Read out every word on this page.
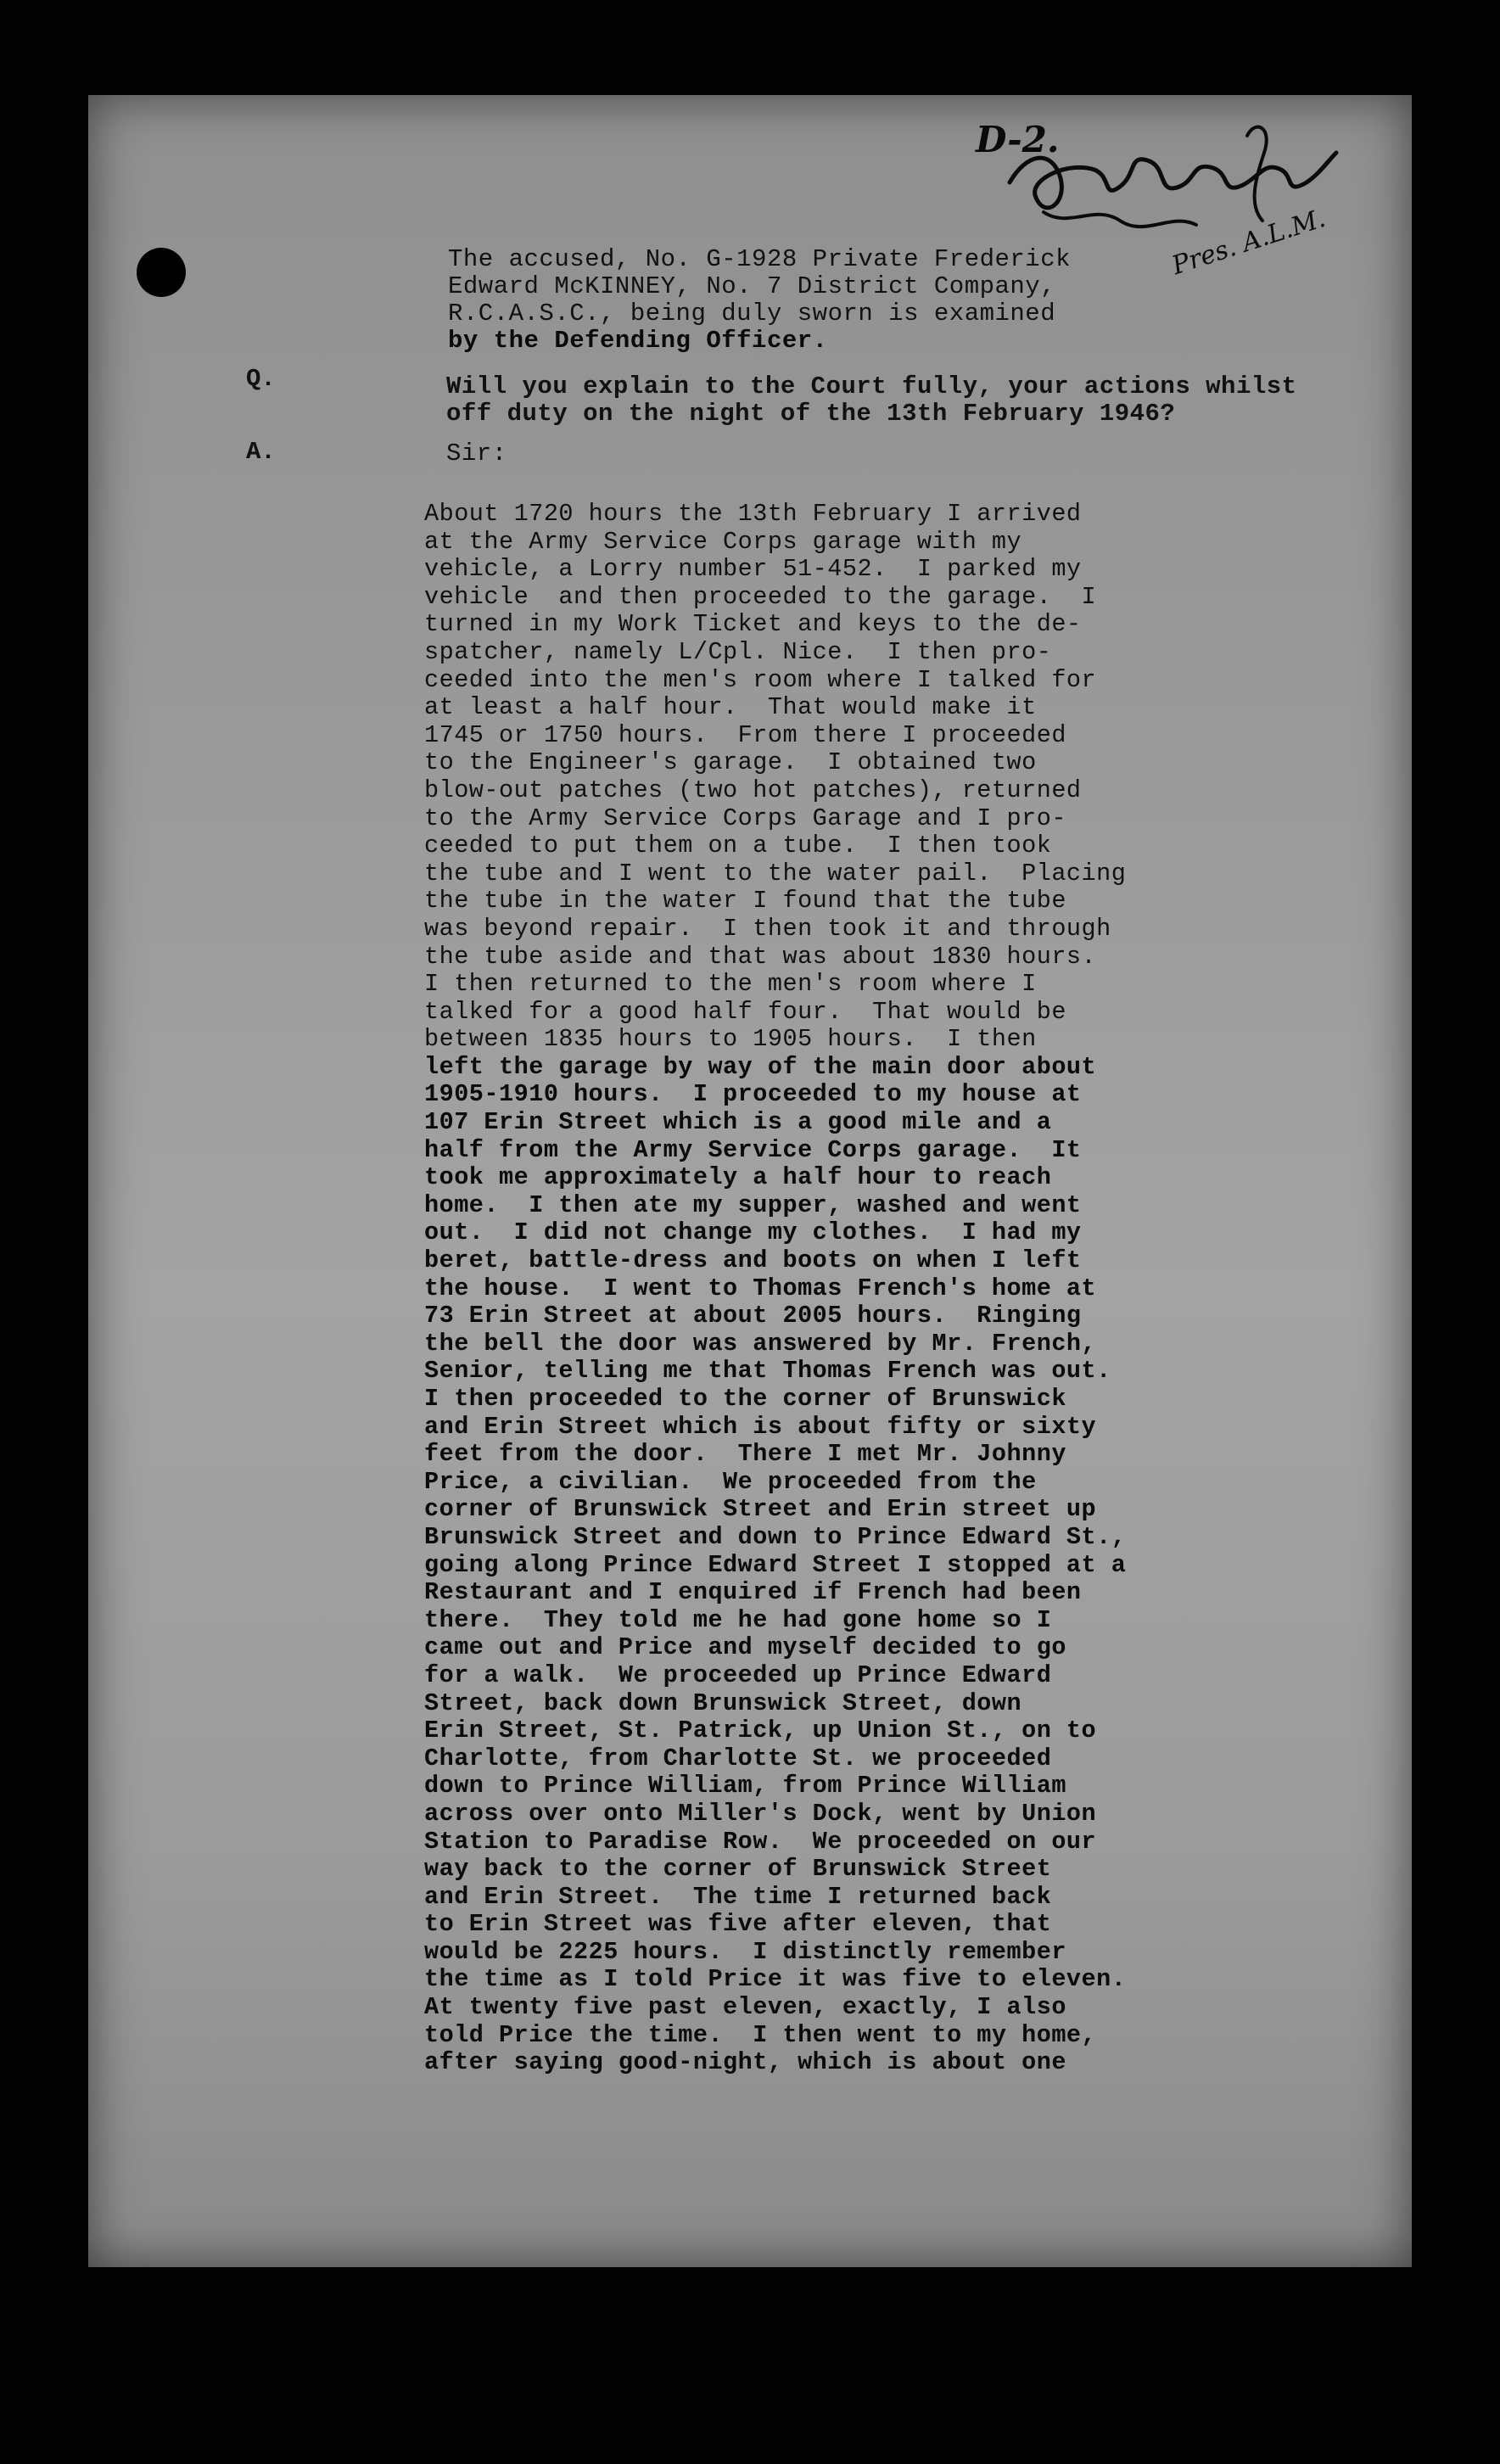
D-2.
Pres. A.L.M.
The accused, No. G-1928 Private Frederick
Edward McKINNEY, No. 7 District Company,
R.C.A.S.C., being duly sworn is examined
by the Defending Officer.
Q.	Will you explain to the Court fully, your actions whilst
off duty on the night of the 13th February 1946?
A.	Sir:
About 1720 hours the 13th February I arrived
at the Army Service Corps garage with my
vehicle, a Lorry number 51-452.  I parked my
vehicle  and then proceeded to the garage.  I
turned in my Work Ticket and keys to the de-
spatcher, namely L/Cpl. Nice.  I then pro-
ceeded into the men's room where I talked for
at least a half hour.  That would make it
1745 or 1750 hours.  From there I proceeded
to the Engineer's garage.  I obtained two
blow-out patches (two hot patches), returned
to the Army Service Corps Garage and I pro-
ceeded to put them on a tube.  I then took
the tube and I went to the water pail.  Placing
the tube in the water I found that the tube
was beyond repair.  I then took it and through
the tube aside and that was about 1830 hours.
I then returned to the men's room where I
talked for a good half four.  That would be
between 1835 hours to 1905 hours.  I then
left the garage by way of the main door about
1905-1910 hours.  I proceeded to my house at
107 Erin Street which is a good mile and a
half from the Army Service Corps garage.  It
took me approximately a half hour to reach
home.  I then ate my supper, washed and went
out.  I did not change my clothes.  I had my
beret, battle-dress and boots on when I left
the house.  I went to Thomas French's home at
73 Erin Street at about 2005 hours.  Ringing
the bell the door was answered by Mr. French,
Senior, telling me that Thomas French was out.
I then proceeded to the corner of Brunswick
and Erin Street which is about fifty or sixty
feet from the door.  There I met Mr. Johnny
Price, a civilian.  We proceeded from the
corner of Brunswick Street and Erin street up
Brunswick Street and down to Prince Edward St.,
going along Prince Edward Street I stopped at a
Restaurant and I enquired if French had been
there.  They told me he had gone home so I
came out and Price and myself decided to go
for a walk.  We proceeded up Prince Edward
Street, back down Brunswick Street, down
Erin Street, St. Patrick, up Union St., on to
Charlotte, from Charlotte St. we proceeded
down to Prince William, from Prince William
across over onto Miller's Dock, went by Union
Station to Paradise Row.  We proceeded on our
way back to the corner of Brunswick Street
and Erin Street.  The time I returned back
to Erin Street was five after eleven, that
would be 2225 hours.  I distinctly remember
the time as I told Price it was five to eleven.
At twenty five past eleven, exactly, I also
told Price the time.  I then went to my home,
after saying good-night, which is about one
